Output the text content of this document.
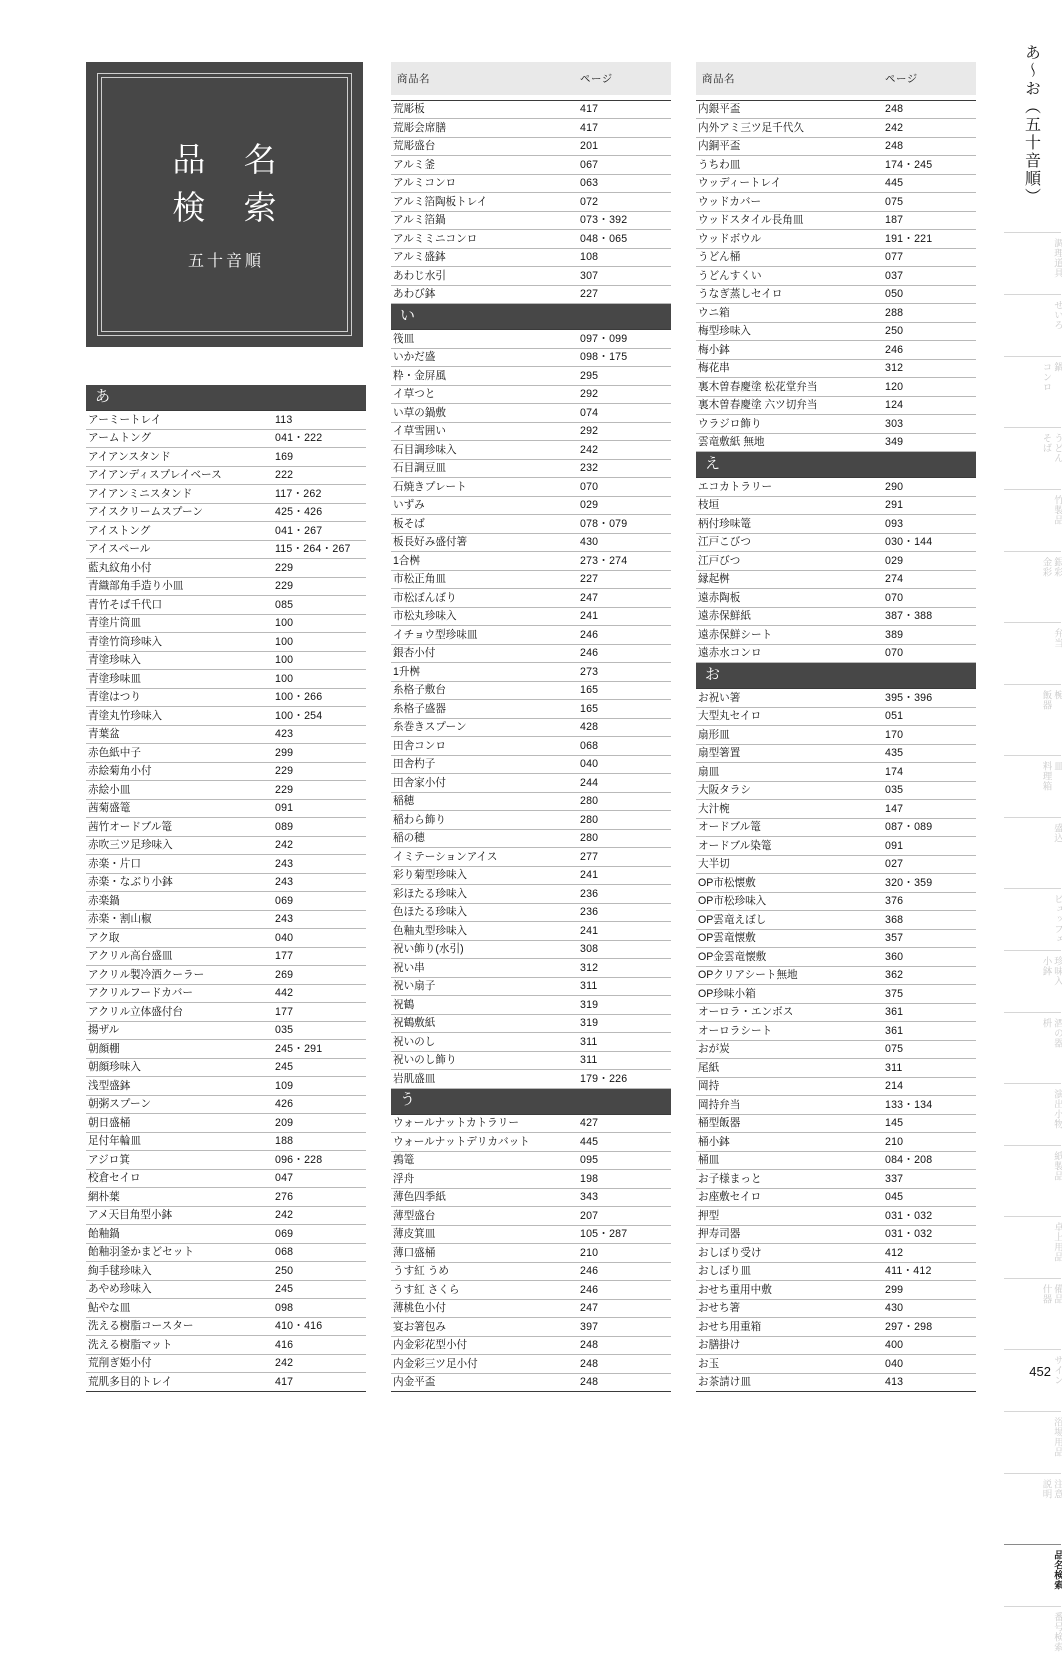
品 名
検 索
五十音順
あ	

アーミートレイ	113
アームトング	041・222
アイアンスタンド	169
アイアンディスプレイベース	222
アイアンミニスタンド	117・262
アイスクリームスプーン	425・426
アイストング	041・267
アイスペール	115・264・267
藍丸紋角小付	229
青織部角手造り小皿	229
青竹そば千代口	085
青塗片筒皿	100
青塗竹筒珍味入	100
青塗珍味入	100
青塗珍味皿	100
青塗はつり	100・266
青塗丸竹珍味入	100・254
青葉盆	423
赤色紙中子	299
赤絵菊角小付	229
赤絵小皿	229
茜菊盛篭	091
茜竹オードブル篭	089
赤吹三ツ足珍味入	242
赤楽・片口	243
赤楽・なぶり小鉢	243
赤楽鍋	069
赤楽・割山椒	243
アク取	040
アクリル高台盛皿	177
アクリル製冷酒クーラー	269
アクリルフードカバー	442
アクリル立体盛付台	177
揚ザル	035
朝顔棚	245・291
朝顔珍味入	245
浅型盛鉢	109
朝粥スプーン	426
朝日盛桶	209
足付年輪皿	188
アジロ箕	096・228
校倉セイロ	047
網朴葉	276
アメ天目角型小鉢	242
飴釉鍋	069
飴釉羽釜かまどセット	068
絢手毬珍味入	250
あやめ珍味入	245
鮎やな皿	098
洗える樹脂コースター	410・416
洗える樹脂マット	416
荒削ぎ姫小付	242
荒肌多目的トレイ	417
商品名	ページ

荒彫板	417
荒彫会席膳	417
荒彫盛台	201
アルミ釜	067
アルミコンロ	063
アルミ箔陶板トレイ	072
アルミ箔鍋	073・392
アルミミニコンロ	048・065
アルミ盛鉢	108
あわじ水引	307
あわび鉢	227

い	

筏皿	097・099
いかだ盛	098・175
粋・金屏風	295
イ草つと	292
い草の鍋敷	074
イ草雪囲い	292
石目調珍味入	242
石目調豆皿	232
石焼きプレート	070
いずみ	029
板そば	078・079
板長好み盛付箸	430
1合桝	273・274
市松正角皿	227
市松ぼんぼり	247
市松丸珍味入	241
イチョウ型珍味皿	246
銀杏小付	246
1升桝	273
糸格子敷台	165
糸格子盛器	165
糸巻きスプーン	428
田舎コンロ	068
田舎杓子	040
田舎家小付	244
稲穂	280
稲わら飾り	280
稲の穂	280
イミテーションアイス	277
彩り菊型珍味入	241
彩ほたる珍味入	236
色ほたる珍味入	236
色釉丸型珍味入	241
祝い飾り(水引)	308
祝い串	312
祝い扇子	311
祝鶴	319
祝鶴敷紙	319
祝いのし	311
祝いのし飾り	311
岩肌盛皿	179・226

う	

ウォールナットカトラリー	427
ウォールナットデリカバット	445
鶉篭	095
浮舟	198
薄色四季紙	343
薄型盛台	207
薄皮箕皿	105・287
薄口盛桶	210
うす紅 うめ	246
うす紅 さくら	246
薄桃色小付	247
宴お箸包み	397
内金彩花型小付	248
内金彩三ツ足小付	248
内金平盃	248
商品名	ページ

内銀平盃	248
内外アミ三ツ足千代久	242
内銅平盃	248
うちわ皿	174・245
ウッディートレイ	445
ウッドカバー	075
ウッドスタイル長角皿	187
ウッドボウル	191・221
うどん桶	077
うどんすくい	037
うなぎ蒸しセイロ	050
ウニ箱	288
梅型珍味入	250
梅小鉢	246
梅花串	312
裏木曽春慶塗 松花堂弁当	120
裏木曽春慶塗 六ツ切弁当	124
ウラジロ飾り	303
雲竜敷紙 無地	349

え	

エコカトラリー	290
枝垣	291
柄付珍味篭	093
江戸こびつ	030・144
江戸びつ	029
縁起桝	274
遠赤陶板	070
遠赤保鮮紙	387・388
遠赤保鮮シート	389
遠赤水コンロ	070

お	

お祝い箸	395・396
大型丸セイロ	051
扇形皿	170
扇型箸置	435
扇皿	174
大阪タラシ	035
大汁椀	147
オードブル篭	087・089
オードブル染篭	091
大半切	027
OP市松懐敷	320・359
OP市松珍味入	376
OP雲竜えぼし	368
OP雲竜懐敷	357
OP金雲竜懐敷	360
OPクリアシート無地	362
OP珍味小箱	375
オーロラ・エンボス	361
オーロラシート	361
おが炭	075
尾紙	311
岡持	214
岡持弁当	133・134
桶型飯器	145
桶小鉢	210
桶皿	084・208
お子様まっと	337
お座敷セイロ	045
押型	031・032
押寿司器	031・032
おしぼり受け	412
おしぼり皿	411・412
おせち重用中敷	299
おせち箸	430
おせち用重箱	297・298
お膳掛け	400
お玉	040
お茶請け皿	413
あ〜お（五十音順）
調理道具
せいろ
鍋
コンロ
うどん
そば
竹製品
銀彩
金彩
弁当
椀
飯器
皿
料理箱
盛込
ビュッフェ
珍味入
小鉢
酒の器
枡
演出小物
紙製品
卓上用品
備品
什器
サイン
浴場用品
注意
説明
品名検索
番号検索
452
